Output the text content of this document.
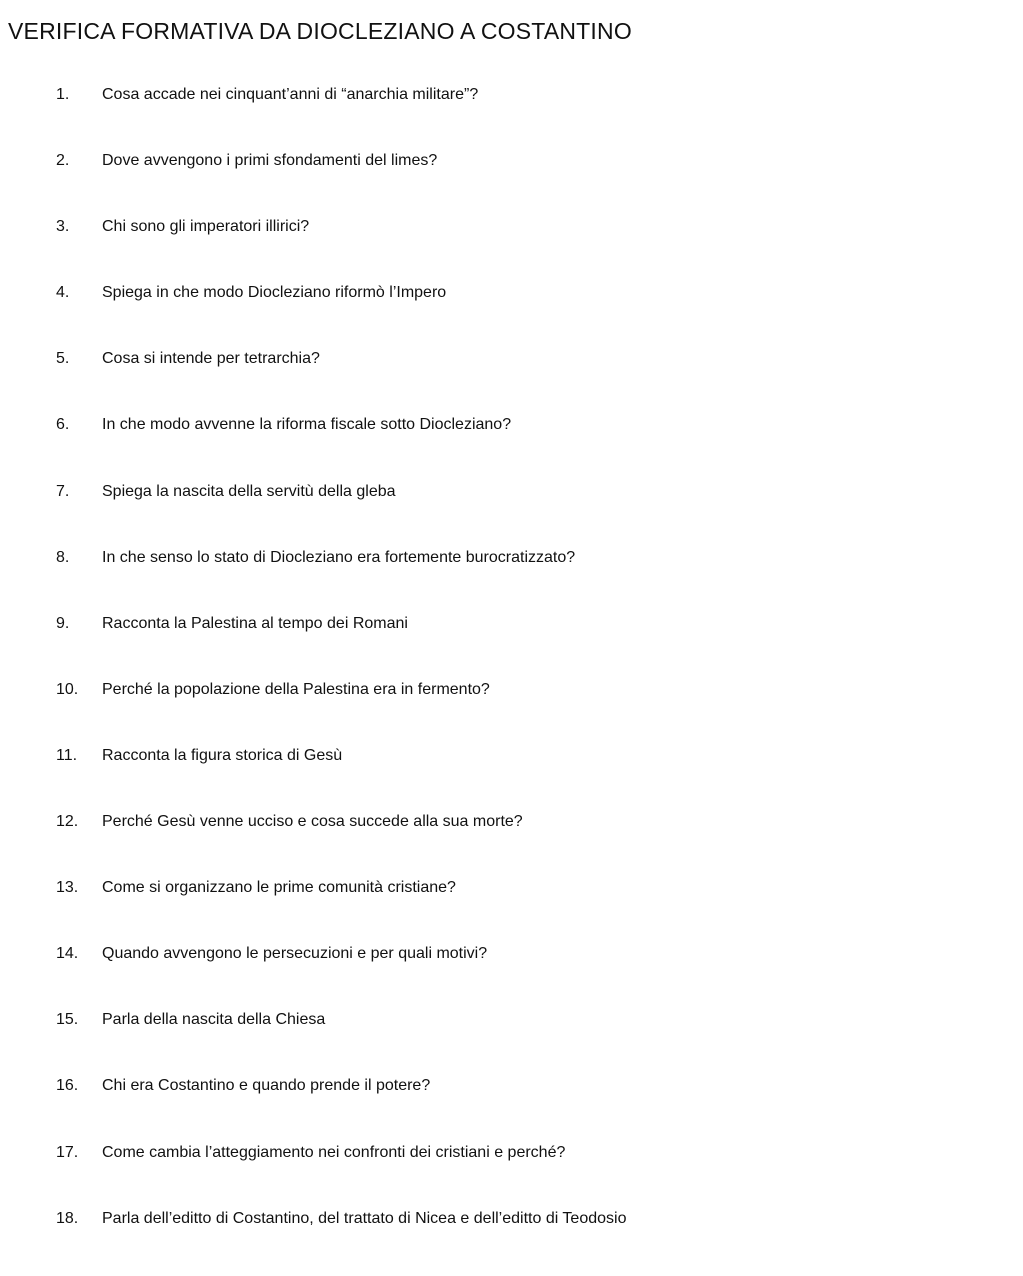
VERIFICA FORMATIVA DA DIOCLEZIANO A COSTANTINO
1.	Cosa accade nei cinquant’anni di “anarchia militare”?
2.	Dove avvengono i primi sfondamenti del limes?
3.	Chi sono gli imperatori illirici?
4.	Spiega in che modo Diocleziano riformò l’Impero
5.	Cosa si intende per tetrarchia?
6.	In che modo avvenne la riforma fiscale sotto Diocleziano?
7.	Spiega la nascita della servitù della gleba
8.	In che senso lo stato di Diocleziano era fortemente burocratizzato?
9.	Racconta la Palestina al tempo dei Romani
10.	Perché la popolazione della Palestina era in fermento?
11.	Racconta la figura storica di Gesù
12.	Perché Gesù venne ucciso e cosa succede alla sua morte?
13.	Come si organizzano le prime comunità cristiane?
14.	Quando avvengono le persecuzioni e per quali motivi?
15.	Parla della nascita della Chiesa
16.	Chi era Costantino e quando prende il potere?
17.	Come cambia l’atteggiamento nei confronti dei cristiani e perché?
18.	Parla dell’editto di Costantino, del trattato di Nicea e dell’editto di Teodosio
